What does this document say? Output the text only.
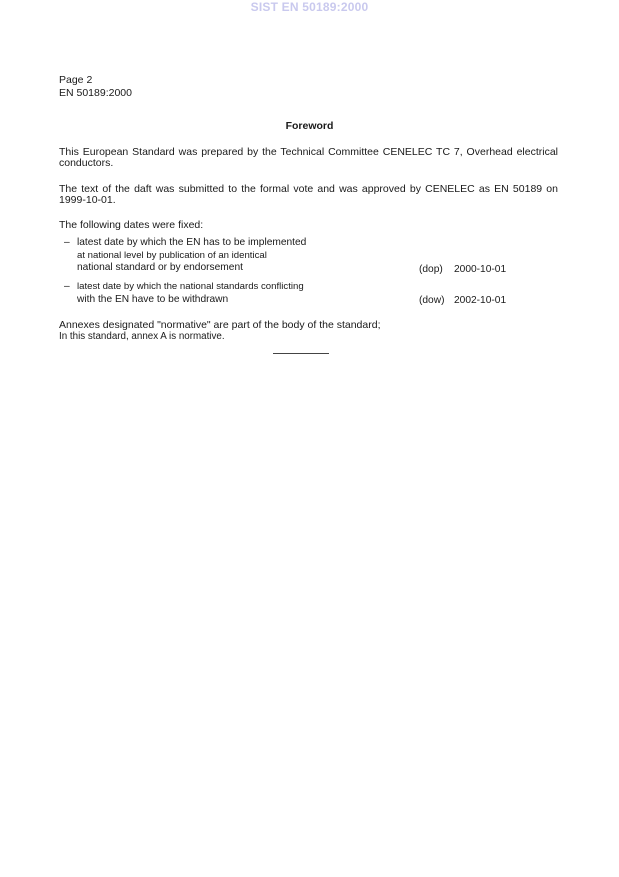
SIST EN 50189:2000
Page 2
EN 50189:2000
Foreword
This European Standard was prepared by the Technical Committee CENELEC TC 7, Overhead electrical conductors.
The text of the daft was submitted to the formal vote and was approved by CENELEC as EN 50189 on 1999-10-01.
The following dates were fixed:
– latest date by which the EN has to be implemented
at national level by publication of an identical
national standard or by endorsement	(dop) 2000-10-01
– latest date by which the national standards conflicting
with the EN have to be withdrawn	(dow) 2002-10-01
Annexes designated "normative" are part of the body of the standard;
In this standard, annex A is normative.
